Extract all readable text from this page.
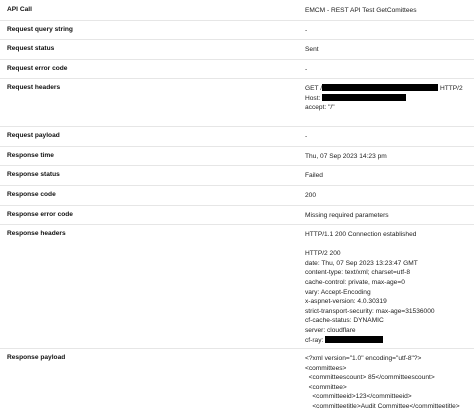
API Call	EMCM - REST API Test GetComittees
Request query string	-
Request status	Sent
Request error code	-
Request headers	GET /	HTTP/2
Host:
accept: "/"
Request payload	-
Response time	Thu, 07 Sep 2023 14:23 pm
Response status	Failed
Response code	200
Response error code	Missing required parameters
Response headers	HTTP/1.1 200 Connection established

HTTP/2 200
date: Thu, 07 Sep 2023 13:23:47 GMT
content-type: text/xml; charset=utf-8
cache-control: private, max-age=0
vary: Accept-Encoding
x-aspnet-version: 4.0.30319
strict-transport-security: max-age=31536000
cf-cache-status: DYNAMIC
server: cloudflare
cf-ray:
Response payload	<?xml version="1.0" encoding="utf-8"?>
<committees>
<committeescount> 85</committeescount>
<committee>
<committeeid>123</committeeid>
<committeetitle>Audit Committee</committeetitle>
